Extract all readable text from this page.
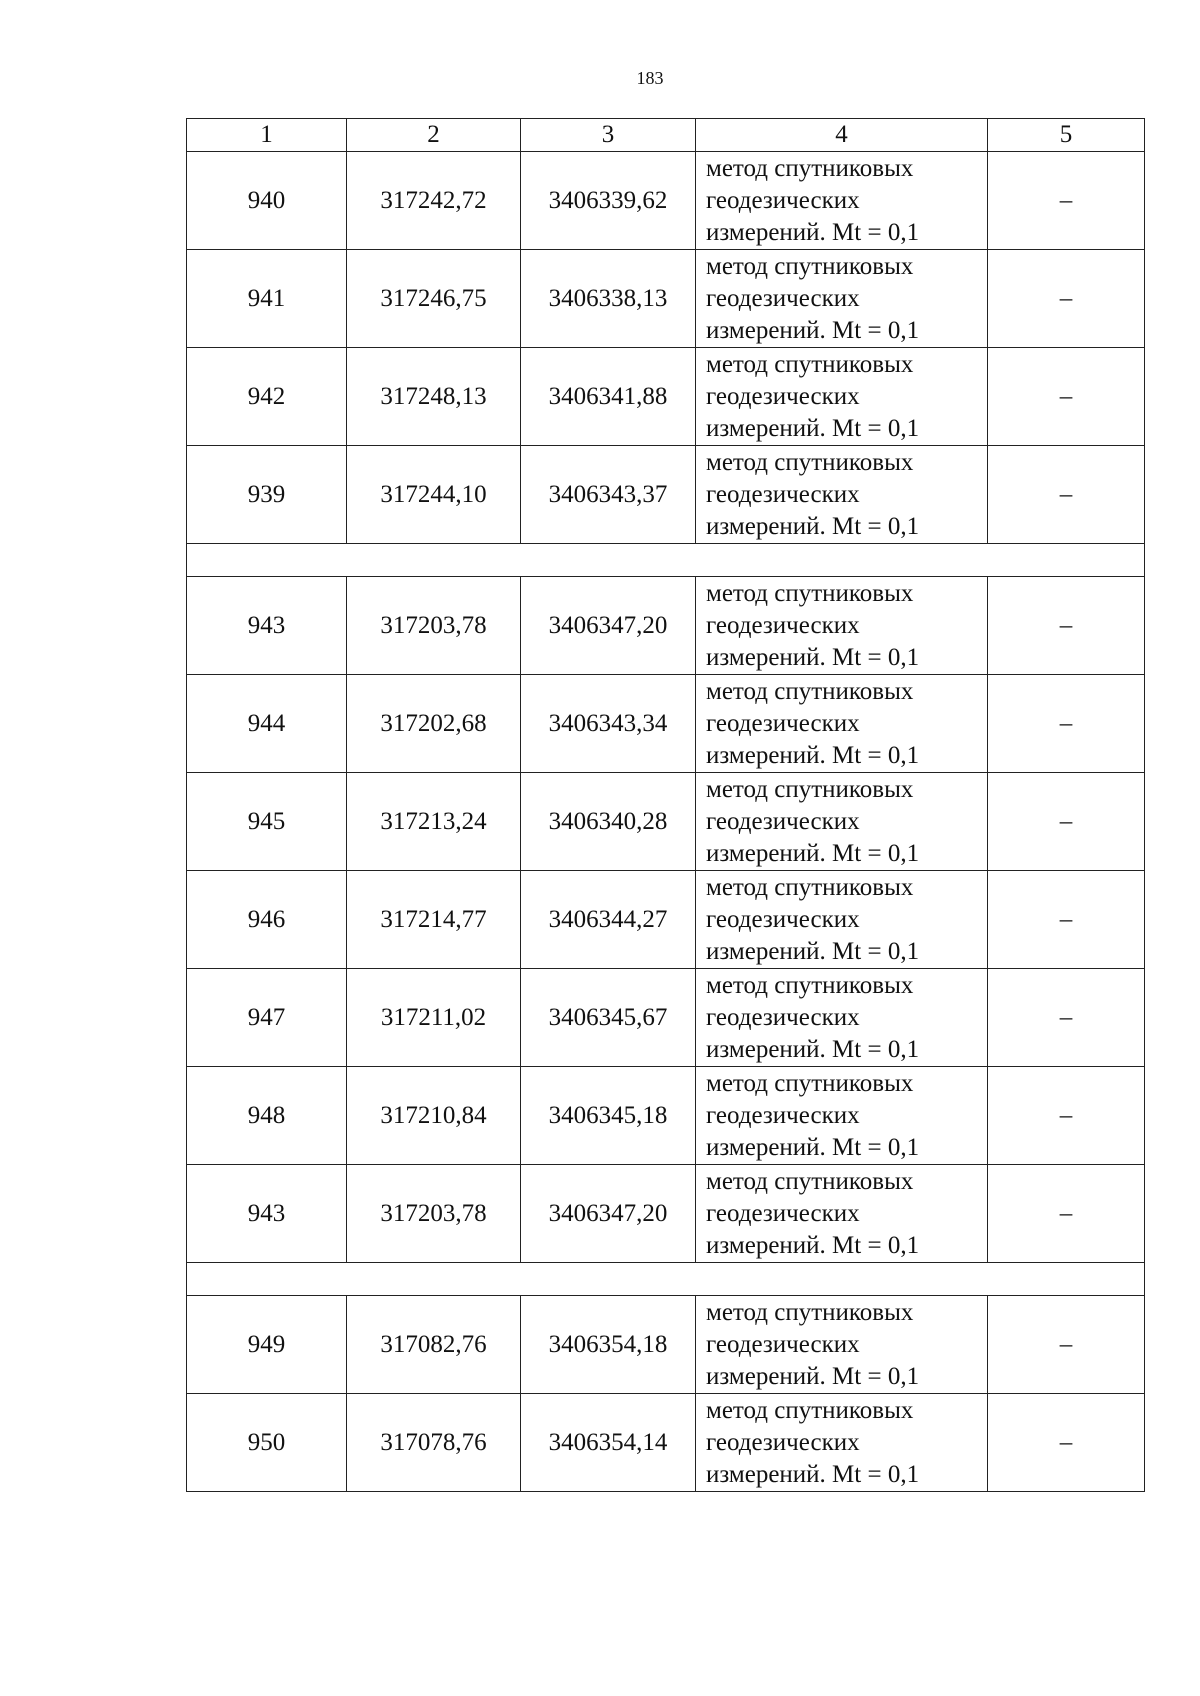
183
1	2	3	4	5
940	317242,72	3406339,62	метод спутниковых
геодезических
измерений. Mt = 0,1	–
941	317246,75	3406338,13	метод спутниковых
геодезических
измерений. Mt = 0,1	–
942	317248,13	3406341,88	метод спутниковых
геодезических
измерений. Mt = 0,1	–
939	317244,10	3406343,37	метод спутниковых
геодезических
измерений. Mt = 0,1	–

943	317203,78	3406347,20	метод спутниковых
геодезических
измерений. Mt = 0,1	–
944	317202,68	3406343,34	метод спутниковых
геодезических
измерений. Mt = 0,1	–
945	317213,24	3406340,28	метод спутниковых
геодезических
измерений. Mt = 0,1	–
946	317214,77	3406344,27	метод спутниковых
геодезических
измерений. Mt = 0,1	–
947	317211,02	3406345,67	метод спутниковых
геодезических
измерений. Mt = 0,1	–
948	317210,84	3406345,18	метод спутниковых
геодезических
измерений. Mt = 0,1	–
943	317203,78	3406347,20	метод спутниковых
геодезических
измерений. Mt = 0,1	–

949	317082,76	3406354,18	метод спутниковых
геодезических
измерений. Mt = 0,1	–
950	317078,76	3406354,14	метод спутниковых
геодезических
измерений. Mt = 0,1	–
